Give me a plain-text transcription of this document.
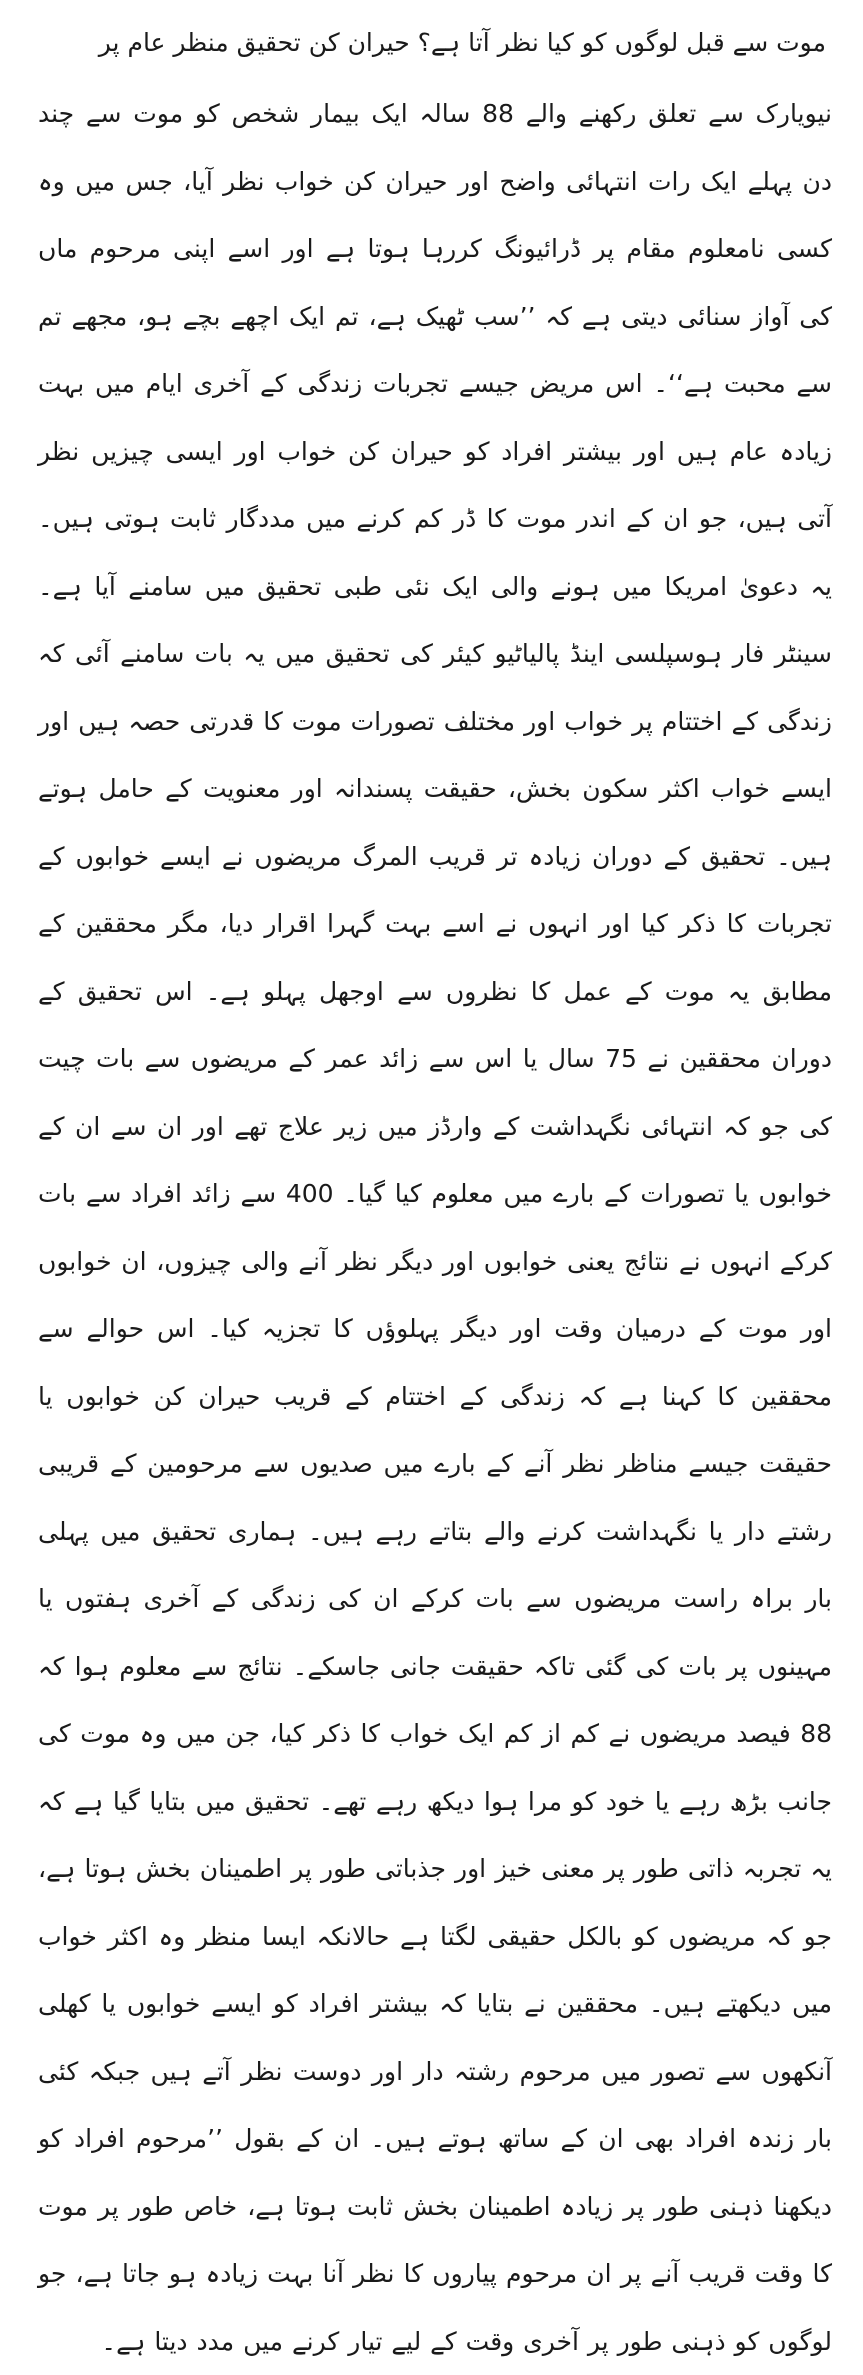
موت سے قبل لوگوں کو کیا نظر آتا ہے؟ حیران کن تحقیق منظر عام پر

نیویارک سے تعلق رکھنے والے 88 سالہ ایک بیمار شخص کو موت سے چند دن پہلے ایک رات انتہائی واضح اور حیران کن خواب نظر آیا، جس میں وہ کسی نامعلوم مقام پر ڈرائیونگ کررہا ہوتا ہے اور اسے اپنی مرحوم ماں کی آواز سنائی دیتی ہے کہ ’’سب ٹھیک ہے، تم ایک اچھے بچے ہو، مجھے تم سے محبت ہے‘‘۔ اس مریض جیسے تجربات زندگی کے آخری ایام میں بہت زیادہ عام ہیں اور بیشتر افراد کو حیران کن خواب اور ایسی چیزیں نظر آتی ہیں، جو ان کے اندر موت کا ڈر کم کرنے میں مددگار ثابت ہوتی ہیں۔ یہ دعویٰ امریکا میں ہونے والی ایک نئی طبی تحقیق میں سامنے آیا ہے۔ سینٹر فار ہوسپلسی اینڈ پالیاٹیو کیئر کی تحقیق میں یہ بات سامنے آئی کہ زندگی کے اختتام پر خواب اور مختلف تصورات موت کا قدرتی حصہ ہیں اور ایسے خواب اکثر سکون بخش، حقیقت پسندانہ اور معنویت کے حامل ہوتے ہیں۔ تحقیق کے دوران زیادہ تر قریب المرگ مریضوں نے ایسے خوابوں کے تجربات کا ذکر کیا اور انہوں نے اسے بہت گہرا اقرار دیا، مگر محققین کے مطابق یہ موت کے عمل کا نظروں سے اوجھل پہلو ہے۔ اس تحقیق کے دوران محققین نے 75 سال یا اس سے زائد عمر کے مریضوں سے بات چیت کی جو کہ انتہائی نگہداشت کے وارڈز میں زیر علاج تھے اور ان سے ان کے خوابوں یا تصورات کے بارے میں معلوم کیا گیا۔ 400 سے زائد افراد سے بات کرکے انہوں نے نتائج یعنی خوابوں اور دیگر نظر آنے والی چیزوں، ان خوابوں اور موت کے درمیان وقت اور دیگر پہلوؤں کا تجزیہ کیا۔ اس حوالے سے محققین کا کہنا ہے کہ زندگی کے اختتام کے قریب حیران کن خوابوں یا حقیقت جیسے مناظر نظر آنے کے بارے میں صدیوں سے مرحومین کے قریبی رشتے دار یا نگہداشت کرنے والے بتاتے رہے ہیں۔ ہماری تحقیق میں پہلی بار براہ راست مریضوں سے بات کرکے ان کی زندگی کے آخری ہفتوں یا مہینوں پر بات کی گئی تاکہ حقیقت جانی جاسکے۔ نتائج سے معلوم ہوا کہ 88 فیصد مریضوں نے کم از کم ایک خواب کا ذکر کیا، جن میں وہ موت کی جانب بڑھ رہے یا خود کو مرا ہوا دیکھ رہے تھے۔ تحقیق میں بتایا گیا ہے کہ یہ تجربہ ذاتی طور پر معنی خیز اور جذباتی طور پر اطمینان بخش ہوتا ہے، جو کہ مریضوں کو بالکل حقیقی لگتا ہے حالانکہ ایسا منظر وہ اکثر خواب میں دیکھتے ہیں۔ محققین نے بتایا کہ بیشتر افراد کو ایسے خوابوں یا کھلی آنکھوں سے تصور میں مرحوم رشتہ دار اور دوست نظر آتے ہیں جبکہ کئی بار زندہ افراد بھی ان کے ساتھ ہوتے ہیں۔ ان کے بقول ’’مرحوم افراد کو دیکھنا ذہنی طور پر زیادہ اطمینان بخش ثابت ہوتا ہے، خاص طور پر موت کا وقت قریب آنے پر ان مرحوم پیاروں کا نظر آنا بہت زیادہ ہو جاتا ہے، جو لوگوں کو ذہنی طور پر آخری وقت کے لیے تیار کرنے میں مدد دیتا ہے۔
